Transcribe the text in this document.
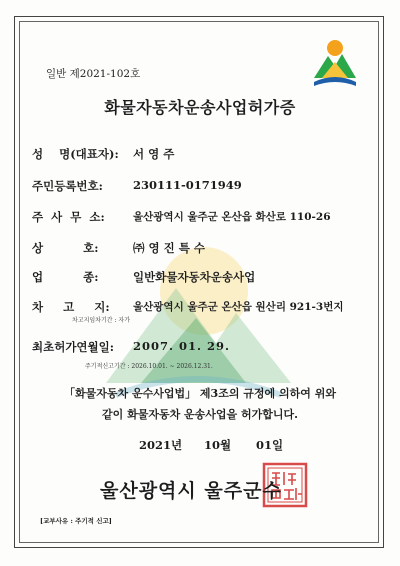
일반 제2021-102호
화물자동차운송사업허가증
성    명(대표자): 서 영 주
주민등록번호:	230111-0171949
주  사  무  소:	울산광역시 울주군 온산읍 화산로 110-26
상          호:	㈜ 영 진 특 수
업          종:	일반화물자동차운송사업
차     고     지: 울산광역시 울주군 온산읍 원산리 921-3번지
차고지임차기간 : 자가
최초허가연월일: 2007. 01. 29.
주기적신고기간 : 2026.10.01. ~ 2026.12.31.
「화물자동차 운수사업법」 제3조의 규정에 의하여 위와
같이 화물자동차 운송사업을 허가합니다.
2021년 10월 01일
울산광역시 울주군수
[교부사유 : 주기적 신고]
